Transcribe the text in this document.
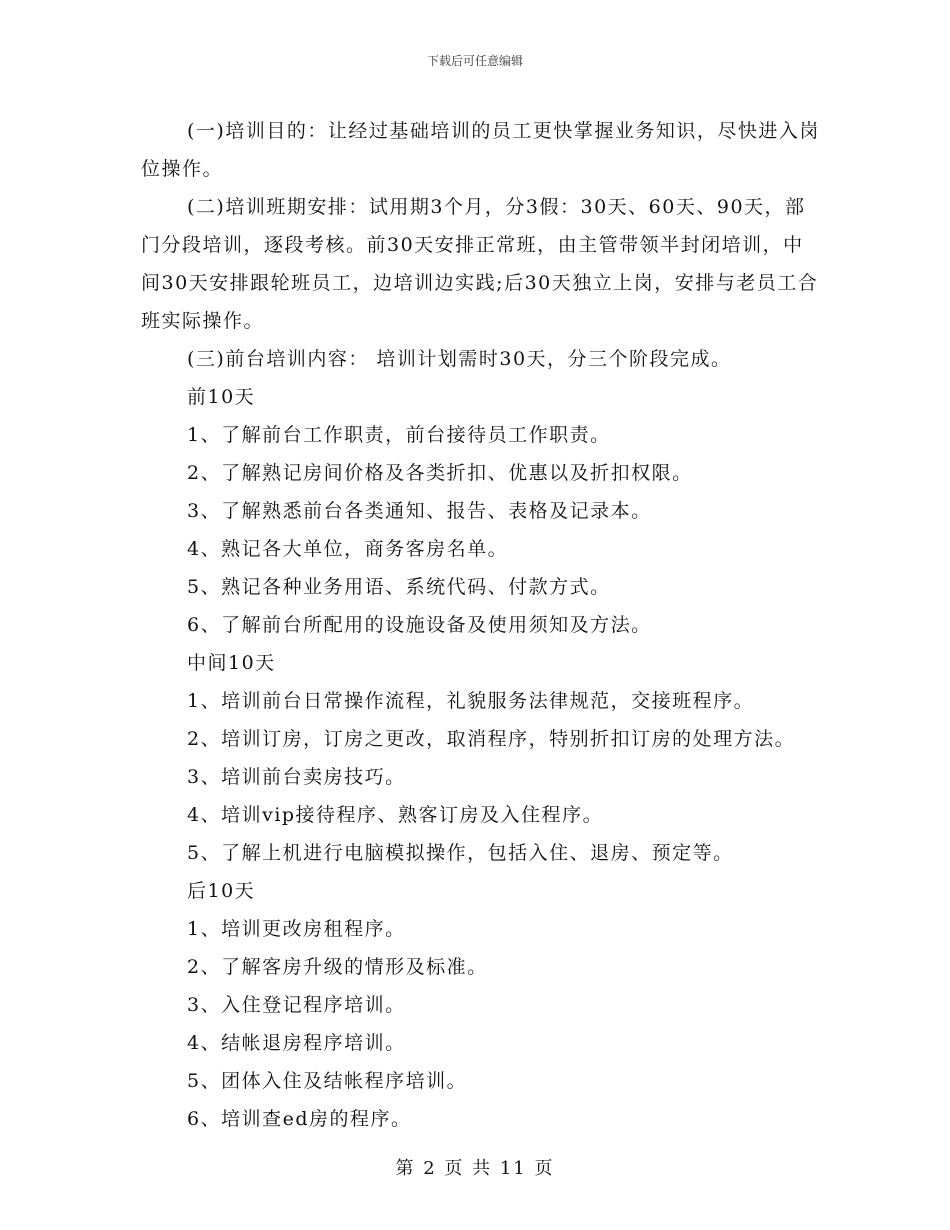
下载后可任意编辑

(一)培训目的：让经过基础培训的员工更快掌握业务知识，尽快进入岗位操作。

(二)培训班期安排：试用期3个月，分3假：30天、60天、90天，部门分段培训，逐段考核。前30天安排正常班，由主管带领半封闭培训，中间30天安排跟轮班员工，边培训边实践;后30天独立上岗，安排与老员工合班实际操作。

(三)前台培训内容： 培训计划需时30天，分三个阶段完成。

前10天

1、了解前台工作职责，前台接待员工作职责。

2、了解熟记房间价格及各类折扣、优惠以及折扣权限。

3、了解熟悉前台各类通知、报告、表格及记录本。

4、熟记各大单位，商务客房名单。

5、熟记各种业务用语、系统代码、付款方式。

6、了解前台所配用的设施设备及使用须知及方法。

中间10天

1、培训前台日常操作流程，礼貌服务法律规范，交接班程序。

2、培训订房，订房之更改，取消程序，特别折扣订房的处理方法。

3、培训前台卖房技巧。

4、培训vip接待程序、熟客订房及入住程序。

5、了解上机进行电脑模拟操作，包括入住、退房、预定等。

后10天

1、培训更改房租程序。

2、了解客房升级的情形及标准。

3、入住登记程序培训。

4、结帐退房程序培训。

5、团体入住及结帐程序培训。

6、培训查ed房的程序。

第 2 页 共 11 页
